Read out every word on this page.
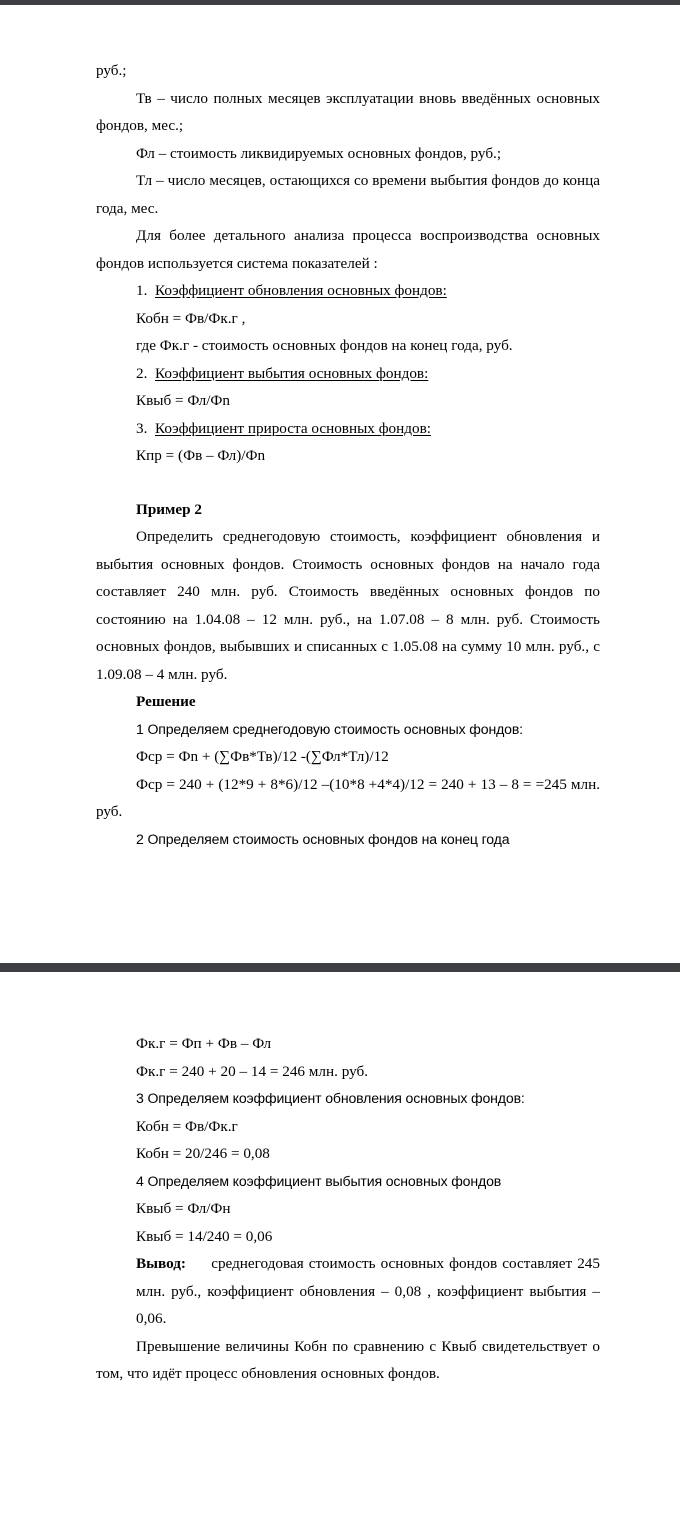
руб.;

Тв – число полных месяцев эксплуатации вновь введённых основных фондов, мес.;

Фл – стоимость ликвидируемых основных фондов, руб.;

Тл – число месяцев, остающихся со времени выбытия фондов до конца года, мес.

Для более детального анализа процесса воспроизводства основных фондов используется система показателей :

1. Коэффициент обновления основных фондов:

Кобн = Фв/Фк.г ,

где Фк.г - стоимость основных фондов на конец года, руб.

2. Коэффициент выбытия основных фондов:

Квыб = Фл/Фn

3. Коэффициент прироста основных фондов:

Кпр = (Фв – Фл)/Фn

Пример 2

Определить среднегодовую стоимость, коэффициент обновления и выбытия основных фондов. Стоимость основных фондов на начало года составляет 240 млн. руб. Стоимость введённых основных фондов по состоянию на 1.04.08 – 12 млн. руб., на 1.07.08 – 8 млн. руб. Стоимость основных фондов, выбывших и списанных с 1.05.08 на сумму 10 млн. руб., с 1.09.08 – 4 млн. руб.

Решение

1 Определяем среднегодовую стоимость основных фондов:

Фср = Фn + (∑Фв*Тв)/12 -(∑Фл*Тл)/12

Фср = 240 + (12*9 + 8*6)/12 –(10*8 +4*4)/12 = 240 + 13 – 8 = =245 млн. руб.

2 Определяем стоимость основных фондов на конец года

Фк.г = Фп + Фв – Фл

Фк.г = 240 + 20 – 14 = 246 млн. руб.

3 Определяем коэффициент обновления основных фондов:

Кобн = Фв/Фк.г

Кобн = 20/246 = 0,08

4 Определяем коэффициент выбытия основных фондов

Квыб = Фл/Фн

Квыб = 14/240 = 0,06

Вывод: среднегодовая стоимость основных фондов составляет 245 млн. руб., коэффициент обновления – 0,08 , коэффициент выбытия – 0,06.

Превышение величины Кобн по сравнению с Квыб свидетельствует о том, что идёт процесс обновления основных фондов.
